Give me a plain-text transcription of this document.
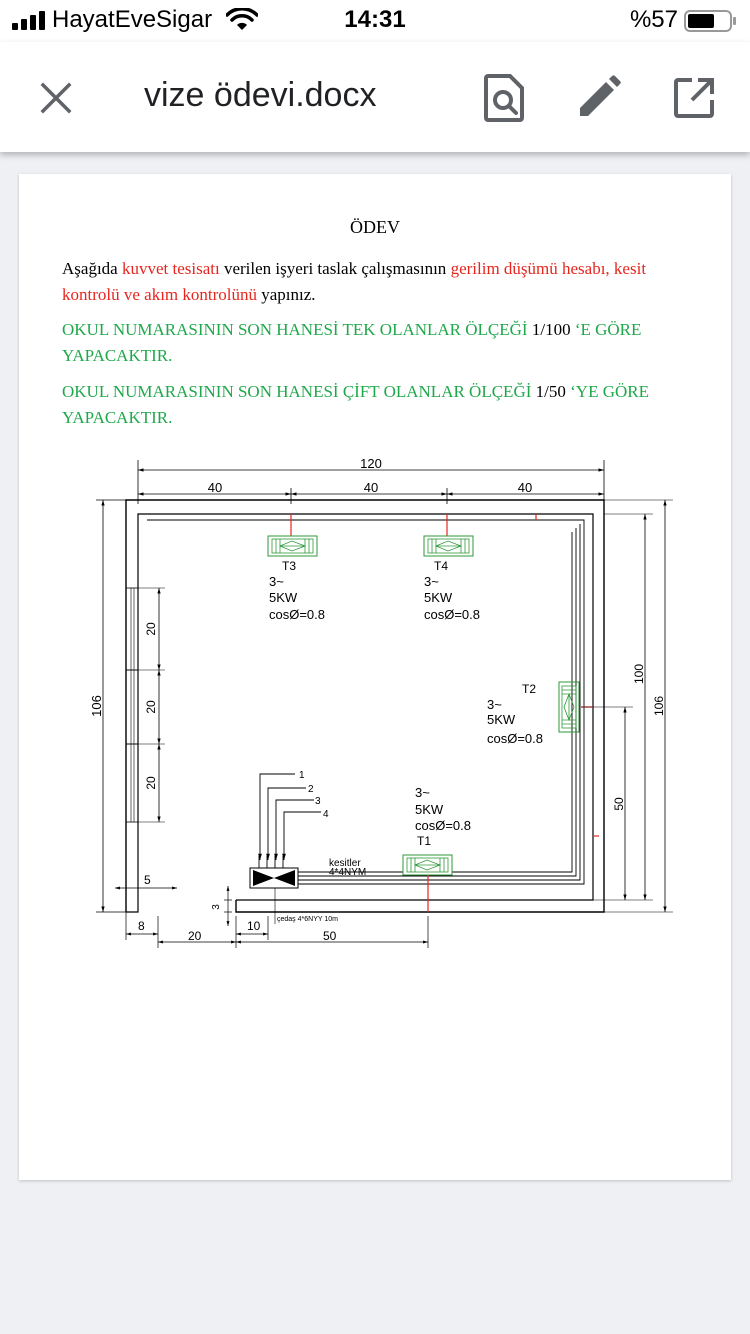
HayatEveSigar	14:31	%57
vize ödevi.docx
ÖDEV

Aşağıda kuvvet tesisatı verilen işyeri taslak çalışmasının gerilim düşümü hesabı, kesit kontrolü ve akım kontrolünü yapınız.

OKUL NUMARASININ SON HANESİ TEK OLANLAR ÖLÇEĞİ 1/100 ‘E GÖRE YAPACAKTIR.

OKUL NUMARASININ SON HANESİ ÇİFT OLANLAR ÖLÇEĞİ 1/50 ‘YE GÖRE YAPACAKTIR.

120
40	40	40
T3
3~
5KW
cosØ=0.8
T4
3~
5KW
cosØ=0.8
T2
3~
5KW
cosØ=0.8
3~
5KW
cosØ=0.8
T1
1
2
3
4
kesitler
4*4NYM
çedaş 4*6NYY 10m
106
20
20
20
100
106
50
5
3
8
20
10
50
